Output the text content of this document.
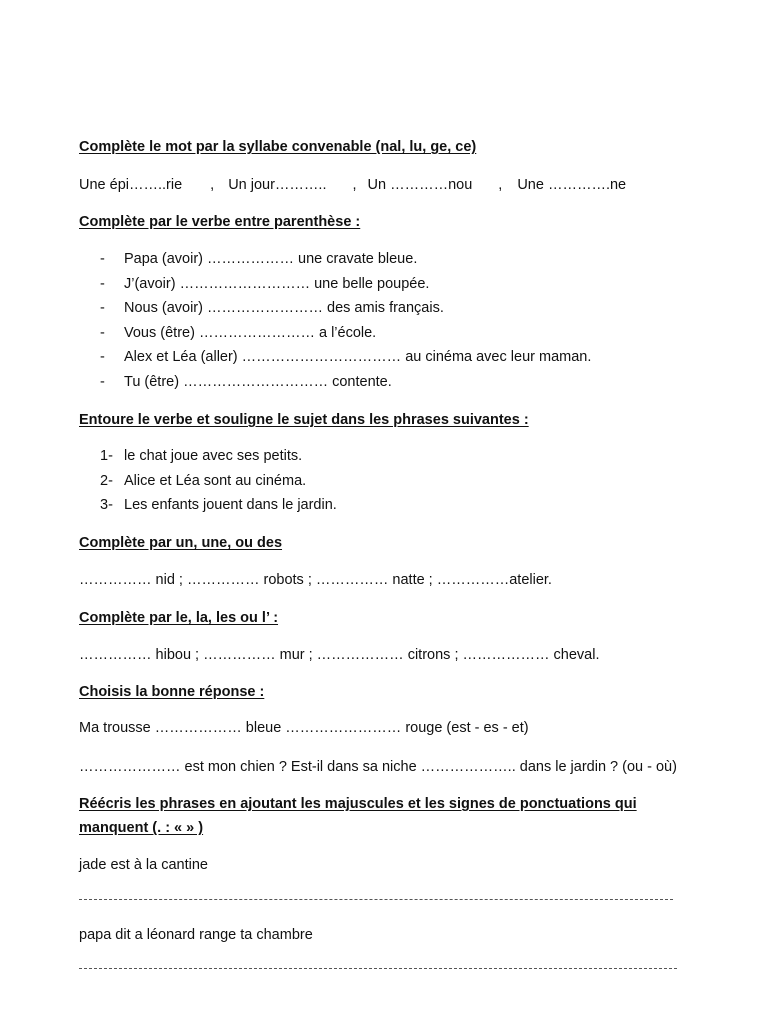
Complète le mot par la syllabe convenable (nal, lu, ge, ce)
Une épi……..rie , Un jour……….. , Un …………nou , Une ………….ne
Complète par le verbe entre parenthèse :
-	Papa (avoir) ……………… une cravate bleue.
-	J’(avoir) ……………………… une belle poupée.
-	Nous (avoir) …………………… des amis français.
-	Vous (être) …………………… a l’école.
-	Alex et Léa (aller) …………………………… au cinéma avec leur maman.
-	Tu (être) ………………………… contente.
Entoure le verbe et souligne le sujet dans les phrases suivantes :
1- le chat joue avec ses petits.
2- Alice et Léa sont au cinéma.
3- Les enfants jouent dans le jardin.
Complète par un, une, ou des
…………… nid ; …………… robots ; …………… natte ; ……………atelier.
Complète par le, la, les ou l’ :
…………… hibou ; …………… mur ; ……………… citrons ; ……………… cheval.
Choisis la bonne réponse :
Ma trousse ……………… bleue …………………… rouge (est - es - et)
………………… est mon chien ? Est-il dans sa niche ……………….. dans le jardin ? (ou - où)
Réécris les phrases en ajoutant les majuscules et les signes de ponctuations qui
manquent (. : « » )
jade est à la cantine
papa dit a léonard range ta chambre
